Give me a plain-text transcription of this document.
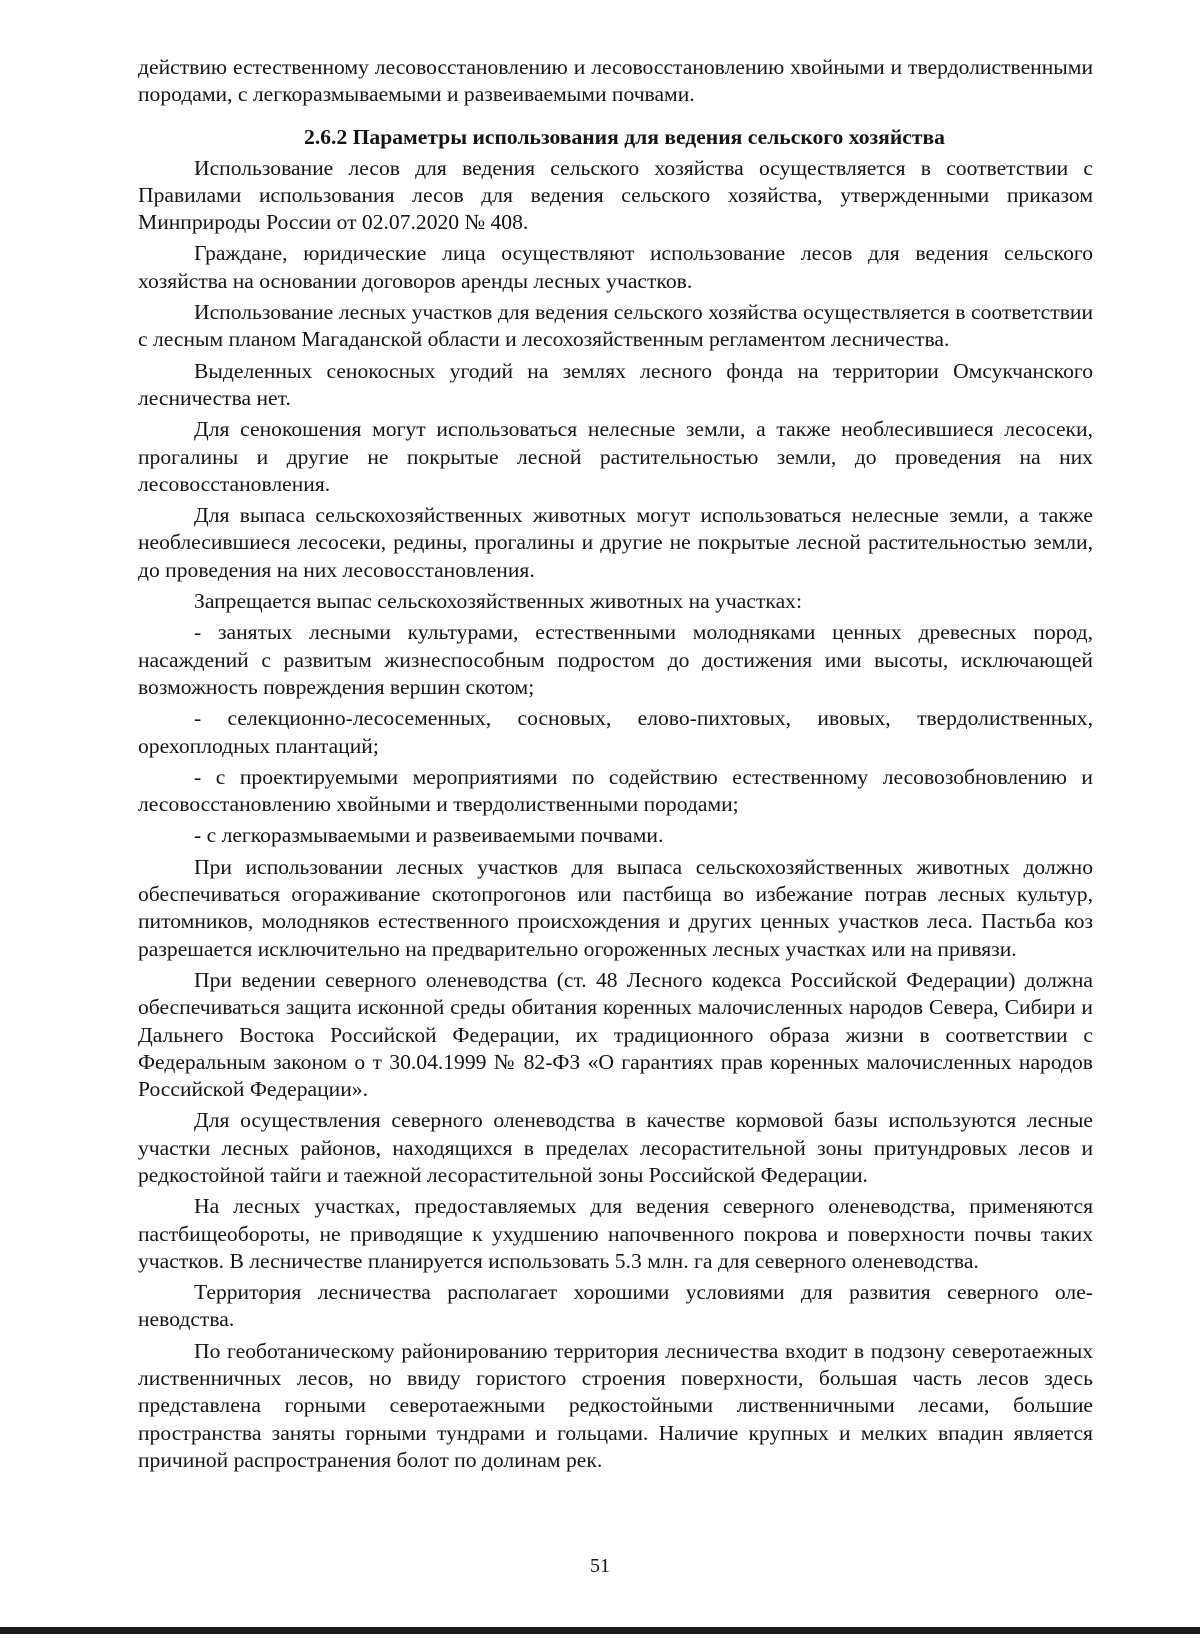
действию естественному лесовосстановлению и лесовосстановлению хвойными и твердолиственными породами, с легкоразмываемыми и развеиваемыми почвами.

2.6.2 Параметры использования для ведения сельского хозяйства

Использование лесов для ведения сельского хозяйства осуществляется в соответствии с Правилами использования лесов для ведения сельского хозяйства, утвержденными приказом Минприроды России от 02.07.2020 № 408.

Граждане, юридические лица осуществляют использование лесов для ведения сельского хозяйства на основании договоров аренды лесных участков.

Использование лесных участков для ведения сельского хозяйства осуществляется в соответствии с лесным планом Магаданской области и лесохозяйственным регламентом лесничества.

Выделенных сенокосных угодий на землях лесного фонда на территории Омсукчанского лесничества нет.

Для сенокошения могут использоваться нелесные земли, а также необлесившиеся лесосеки, прогалины и другие не покрытые лесной растительностью земли, до проведения на них лесовосстановления.

Для выпаса сельскохозяйственных животных могут использоваться нелесные земли, а также необлесившиеся лесосеки, редины, прогалины и другие не покрытые лесной растительностью земли, до проведения на них лесовосстановления.

Запрещается выпас сельскохозяйственных животных на участках:

- занятых лесными культурами, естественными молодняками ценных древесных пород, насаждений с развитым жизнеспособным подростом до достижения ими высоты, исключающей возможность повреждения вершин скотом;

- селекционно-лесосеменных, сосновых, елово-пихтовых, ивовых, твердолиственных, орехоплодных плантаций;

- с проектируемыми мероприятиями по содействию естественному лесовозобновлению и лесовосстановлению хвойными и твердолиственными породами;

- с легкоразмываемыми и развеиваемыми почвами.

При использовании лесных участков для выпаса сельскохозяйственных животных должно обеспечиваться огораживание скотопрогонов или пастбища во избежание потрав лесных культур, питомников, молодняков естественного происхождения и других ценных участков леса. Пастьба коз разрешается исключительно на предварительно огороженных лесных участках или на привязи.

При ведении северного оленеводства (ст. 48 Лесного кодекса Российской Федерации) должна обеспечиваться защита исконной среды обитания коренных малочисленных народов Севера, Сибири и Дальнего Востока Российской Федерации, их традиционного образа жизни в соответствии с Федеральным законом о т 30.04.1999 № 82-ФЗ «О гарантиях прав коренных малочисленных народов Российской Федерации».

Для осуществления северного оленеводства в качестве кормовой базы используются лесные участки лесных районов, находящихся в пределах лесорастительной зоны притундровых лесов и редкостойной тайги и таежной лесорастительной зоны Российской Федерации.

На лесных участках, предоставляемых для ведения северного оленеводства, применяются пастбищеобороты, не приводящие к ухудшению напочвенного покрова и поверхности почвы таких участков. В лесничестве планируется использовать 5.3 млн. га для северного оленеводства.

Территория лесничества располагает хорошими условиями для развития северного оленеводства.

По геоботаническому районированию территория лесничества входит в подзону северотаежных лиственничных лесов, но ввиду гористого строения поверхности, большая часть лесов здесь представлена горными северотаежными редкостойными лиственничными лесами, большие пространства заняты горными тундрами и гольцами. Наличие крупных и мелких впадин является причиной распространения болот по долинам рек.

51
